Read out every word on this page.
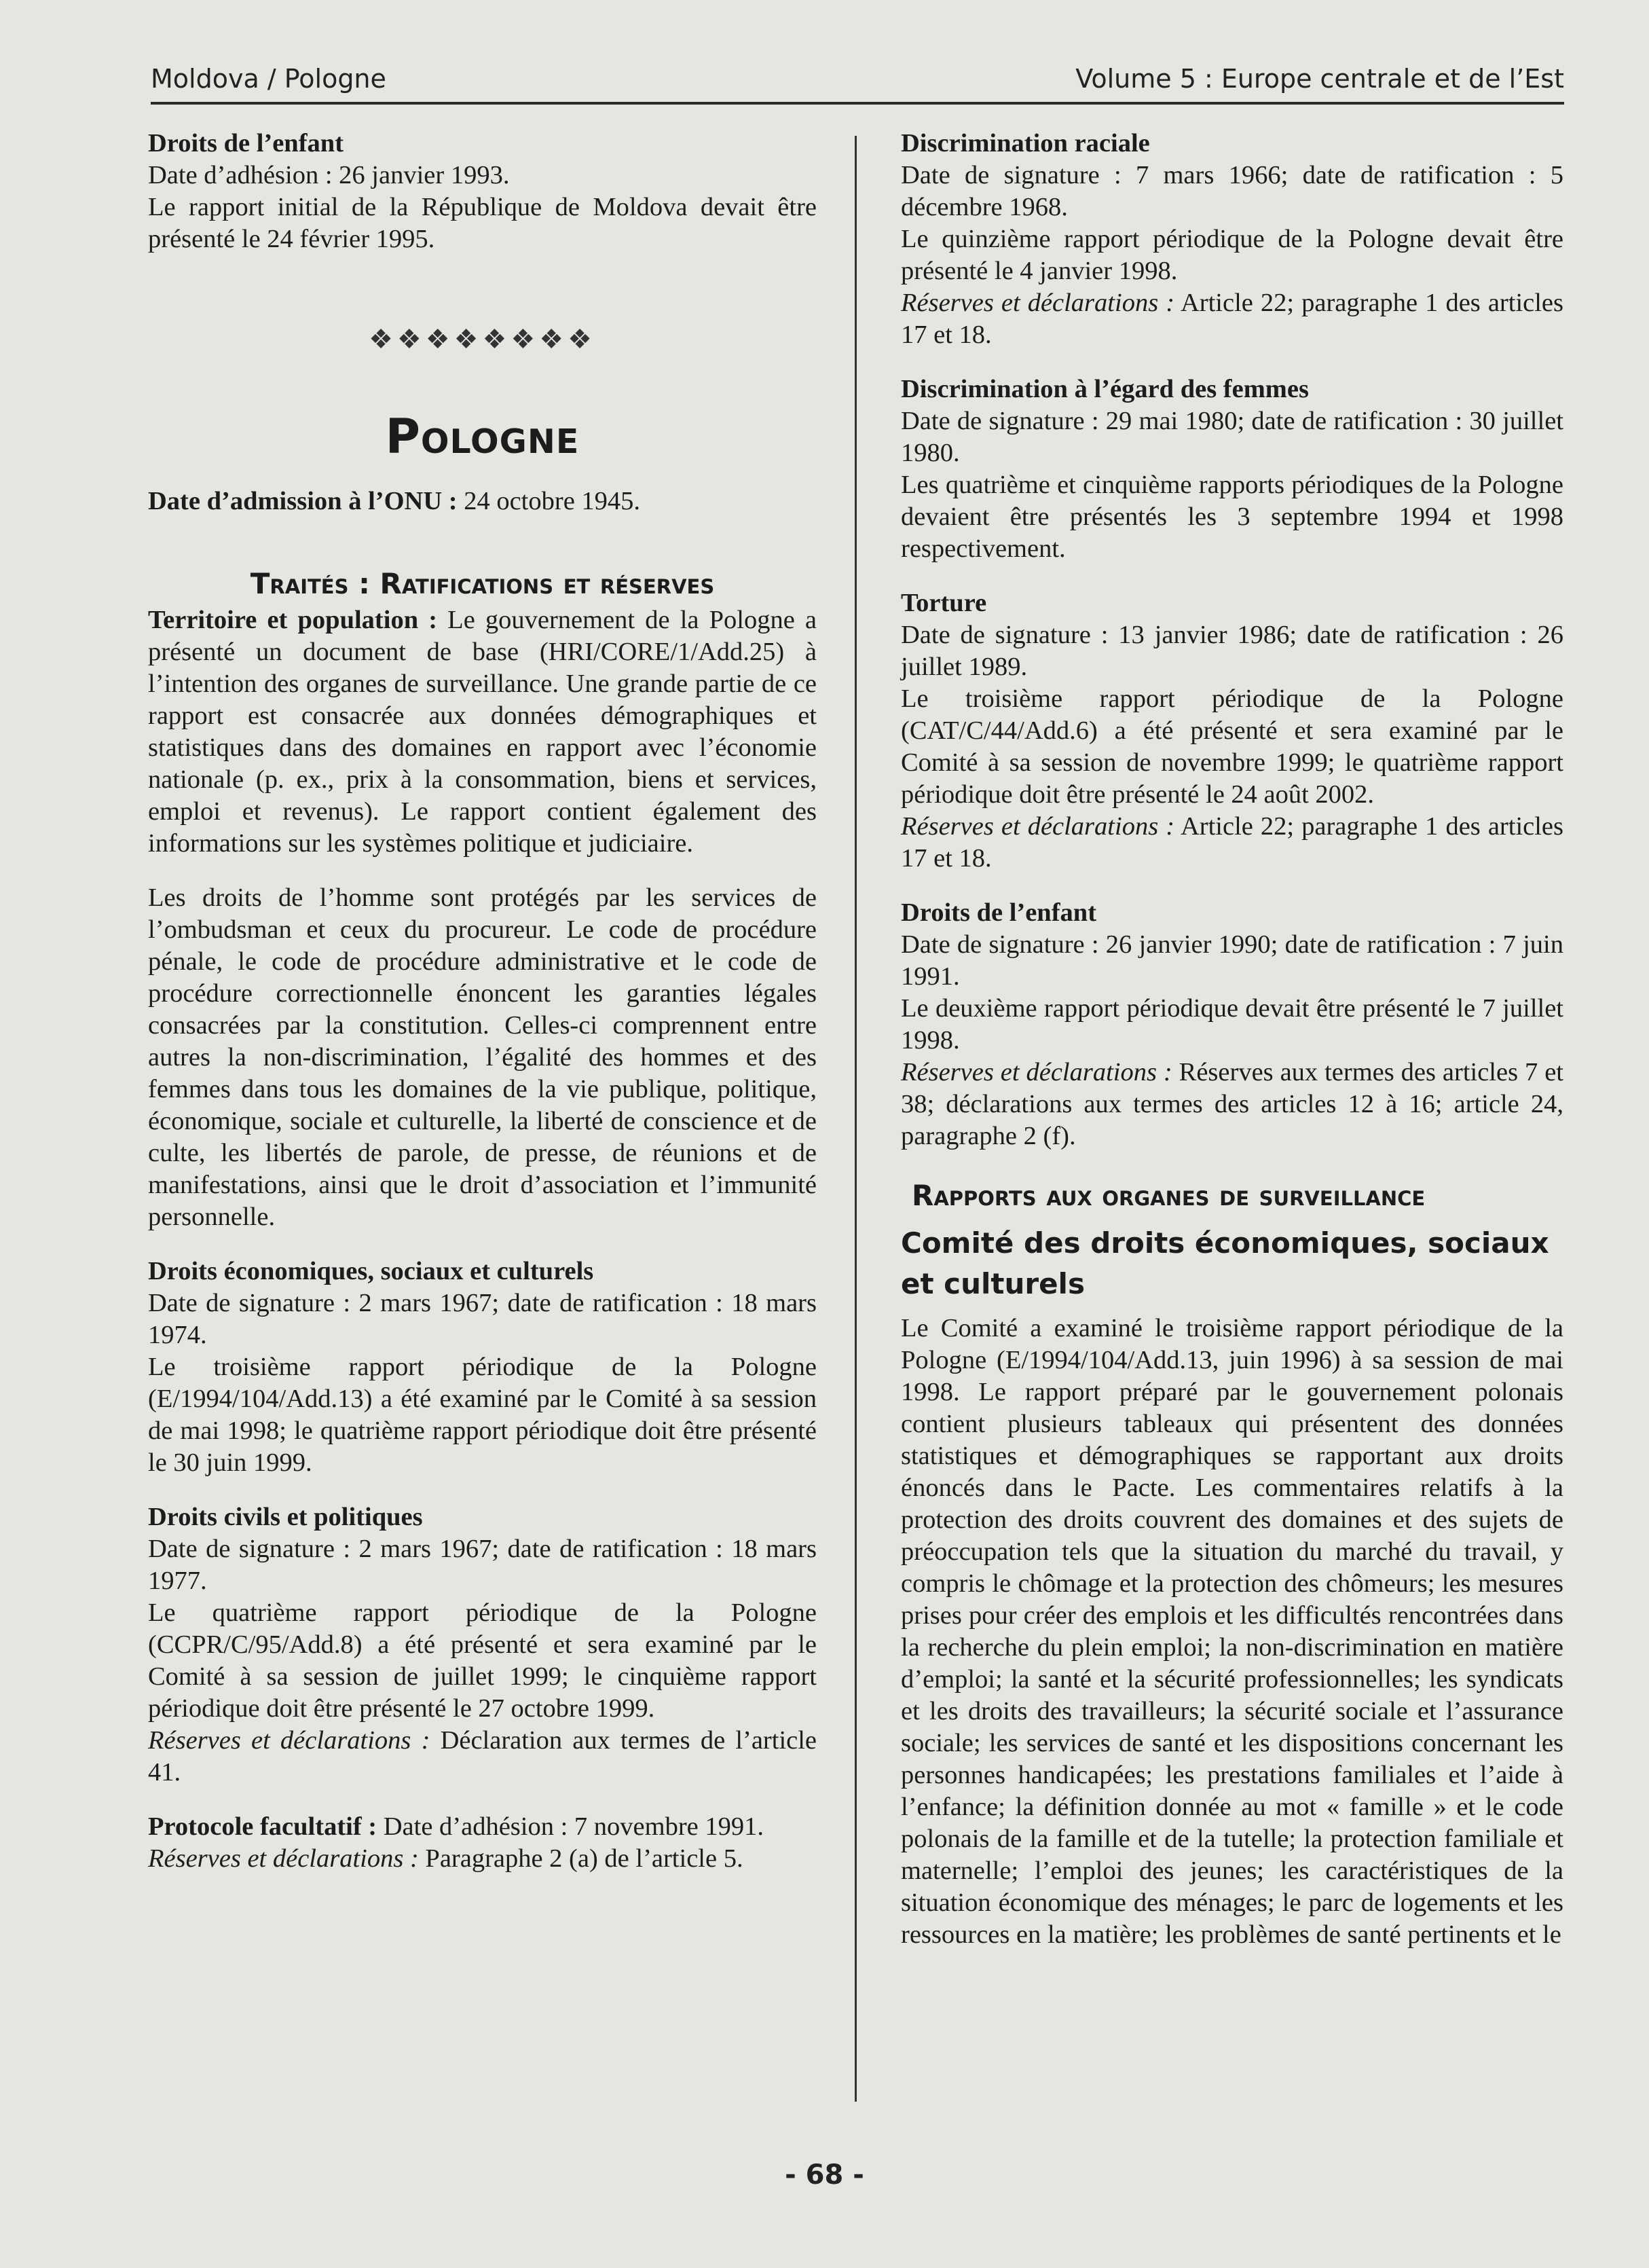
Moldova / Pologne	Volume 5 : Europe centrale et de l’Est

Droits de l’enfant

Date d’adhésion : 26 janvier 1993.

Le rapport initial de la République de Moldova devait être présenté le 24 février 1995.

❖❖❖❖❖❖❖❖
Pologne

Date d’admission à l’ONU : 24 octobre 1945.

Traités : Ratifications et réserves

Territoire et population : Le gouvernement de la Pologne a présenté un document de base (HRI/CORE/1/Add.25) à l’intention des organes de surveillance. Une grande partie de ce rapport est consacrée aux données démographiques et statistiques dans des domaines en rapport avec l’économie nationale (p. ex., prix à la consommation, biens et services, emploi et revenus). Le rapport contient également des informations sur les systèmes politique et judiciaire.

Les droits de l’homme sont protégés par les services de l’ombudsman et ceux du procureur. Le code de procédure pénale, le code de procédure administrative et le code de procédure correctionnelle énoncent les garanties légales consacrées par la constitution. Celles-ci comprennent entre autres la non-discrimination, l’égalité des hommes et des femmes dans tous les domaines de la vie publique, politique, économique, sociale et culturelle, la liberté de conscience et de culte, les libertés de parole, de presse, de réunions et de manifestations, ainsi que le droit d’association et l’immunité personnelle.

Droits économiques, sociaux et culturels

Date de signature : 2 mars 1967; date de ratification : 18 mars 1974.

Le troisième rapport périodique de la Pologne (E/1994/104/Add.13) a été examiné par le Comité à sa session de mai 1998; le quatrième rapport périodique doit être présenté le 30 juin 1999.

Droits civils et politiques

Date de signature : 2 mars 1967; date de ratification : 18 mars 1977.

Le quatrième rapport périodique de la Pologne (CCPR/C/95/Add.8) a été présenté et sera examiné par le Comité à sa session de juillet 1999; le cinquième rapport périodique doit être présenté le 27 octobre 1999.

Réserves et déclarations : Déclaration aux termes de l’article 41.

Protocole facultatif : Date d’adhésion : 7 novembre 1991.

Réserves et déclarations : Paragraphe 2 (a) de l’article 5.

Discrimination raciale

Date de signature : 7 mars 1966; date de ratification : 5 décembre 1968.

Le quinzième rapport périodique de la Pologne devait être présenté le 4 janvier 1998.

Réserves et déclarations : Article 22; paragraphe 1 des articles 17 et 18.

Discrimination à l’égard des femmes

Date de signature : 29 mai 1980; date de ratification : 30 juillet 1980.

Les quatrième et cinquième rapports périodiques de la Pologne devaient être présentés les 3 septembre 1994 et 1998 respectivement.

Torture

Date de signature : 13 janvier 1986; date de ratification : 26 juillet 1989.

Le troisième rapport périodique de la Pologne (CAT/C/44/Add.6) a été présenté et sera examiné par le Comité à sa session de novembre 1999; le quatrième rapport périodique doit être présenté le 24 août 2002.

Réserves et déclarations : Article 22; paragraphe 1 des articles 17 et 18.

Droits de l’enfant

Date de signature : 26 janvier 1990; date de ratification : 7 juin 1991.

Le deuxième rapport périodique devait être présenté le 7 juillet 1998.

Réserves et déclarations : Réserves aux termes des articles 7 et 38; déclarations aux termes des articles 12 à 16; article 24, paragraphe 2 (f).

Rapports aux organes de surveillance
Comité des droits économiques, sociaux et culturels

Le Comité a examiné le troisième rapport périodique de la Pologne (E/1994/104/Add.13, juin 1996) à sa session de mai 1998. Le rapport préparé par le gouvernement polonais contient plusieurs tableaux qui présentent des données statistiques et démographiques se rapportant aux droits énoncés dans le Pacte. Les commentaires relatifs à la protection des droits couvrent des domaines et des sujets de préoccupation tels que la situation du marché du travail, y compris le chômage et la protection des chômeurs; les mesures prises pour créer des emplois et les difficultés rencontrées dans la recherche du plein emploi; la non-discrimination en matière d’emploi; la santé et la sécurité professionnelles; les syndicats et les droits des travailleurs; la sécurité sociale et l’assurance sociale; les services de santé et les dispositions concernant les personnes handicapées; les prestations familiales et l’aide à l’enfance; la définition donnée au mot « famille » et le code polonais de la famille et de la tutelle; la protection familiale et maternelle; l’emploi des jeunes; les caractéristiques de la situation économique des ménages; le parc de logements et les ressources en la matière; les problèmes de santé pertinents et le

- 68 -
